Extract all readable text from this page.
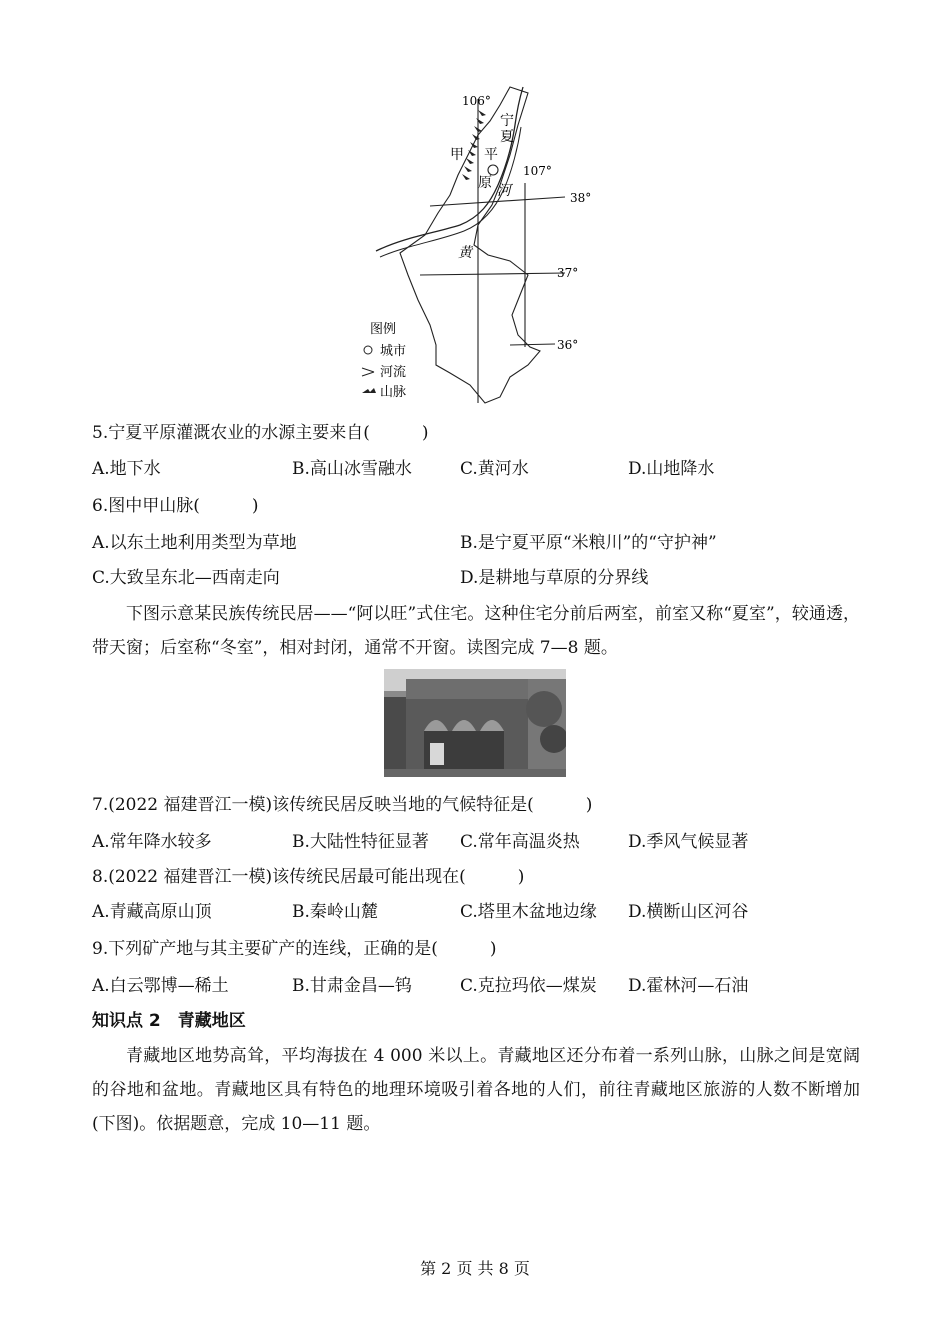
106°
107°
38°
37°
36°
宁
夏
平
原
甲
河
黄
图例
城市
河流
山脉
5.宁夏平原灌溉农业的水源主要来自(	)
A.地下水	B.高山冰雪融水	C.黄河水	D.山地降水
6.图中甲山脉(	)
A.以东土地利用类型为草地	B.是宁夏平原“米粮川”的“守护神”
C.大致呈东北—西南走向	D.是耕地与草原的分界线
下图示意某民族传统民居——“阿以旺”式住宅。这种住宅分前后两室，前室又称“夏室”，较通透，带天窗；后室称“冬室”，相对封闭，通常不开窗。读图完成 7—8 题。
7.(2022 福建晋江一模)该传统民居反映当地的气候特征是(	)
A.常年降水较多	B.大陆性特征显著 C.常年高温炎热	D.季风气候显著
8.(2022 福建晋江一模)该传统民居最可能出现在(	)
A.青藏高原山顶	B.秦岭山麓	C.塔里木盆地边缘 D.横断山区河谷
9.下列矿产地与其主要矿产的连线，正确的是(	)
A.白云鄂博—稀土	B.甘肃金昌—钨	C.克拉玛依—煤炭 D.霍林河—石油
知识点 2　青藏地区
青藏地区地势高耸，平均海拔在 4 000 米以上。青藏地区还分布着一系列山脉，山脉之间是宽阔的谷地和盆地。青藏地区具有特色的地理环境吸引着各地的人们，前往青藏地区旅游的人数不断增加(下图)。依据题意，完成 10—11 题。
第 2 页 共 8 页
